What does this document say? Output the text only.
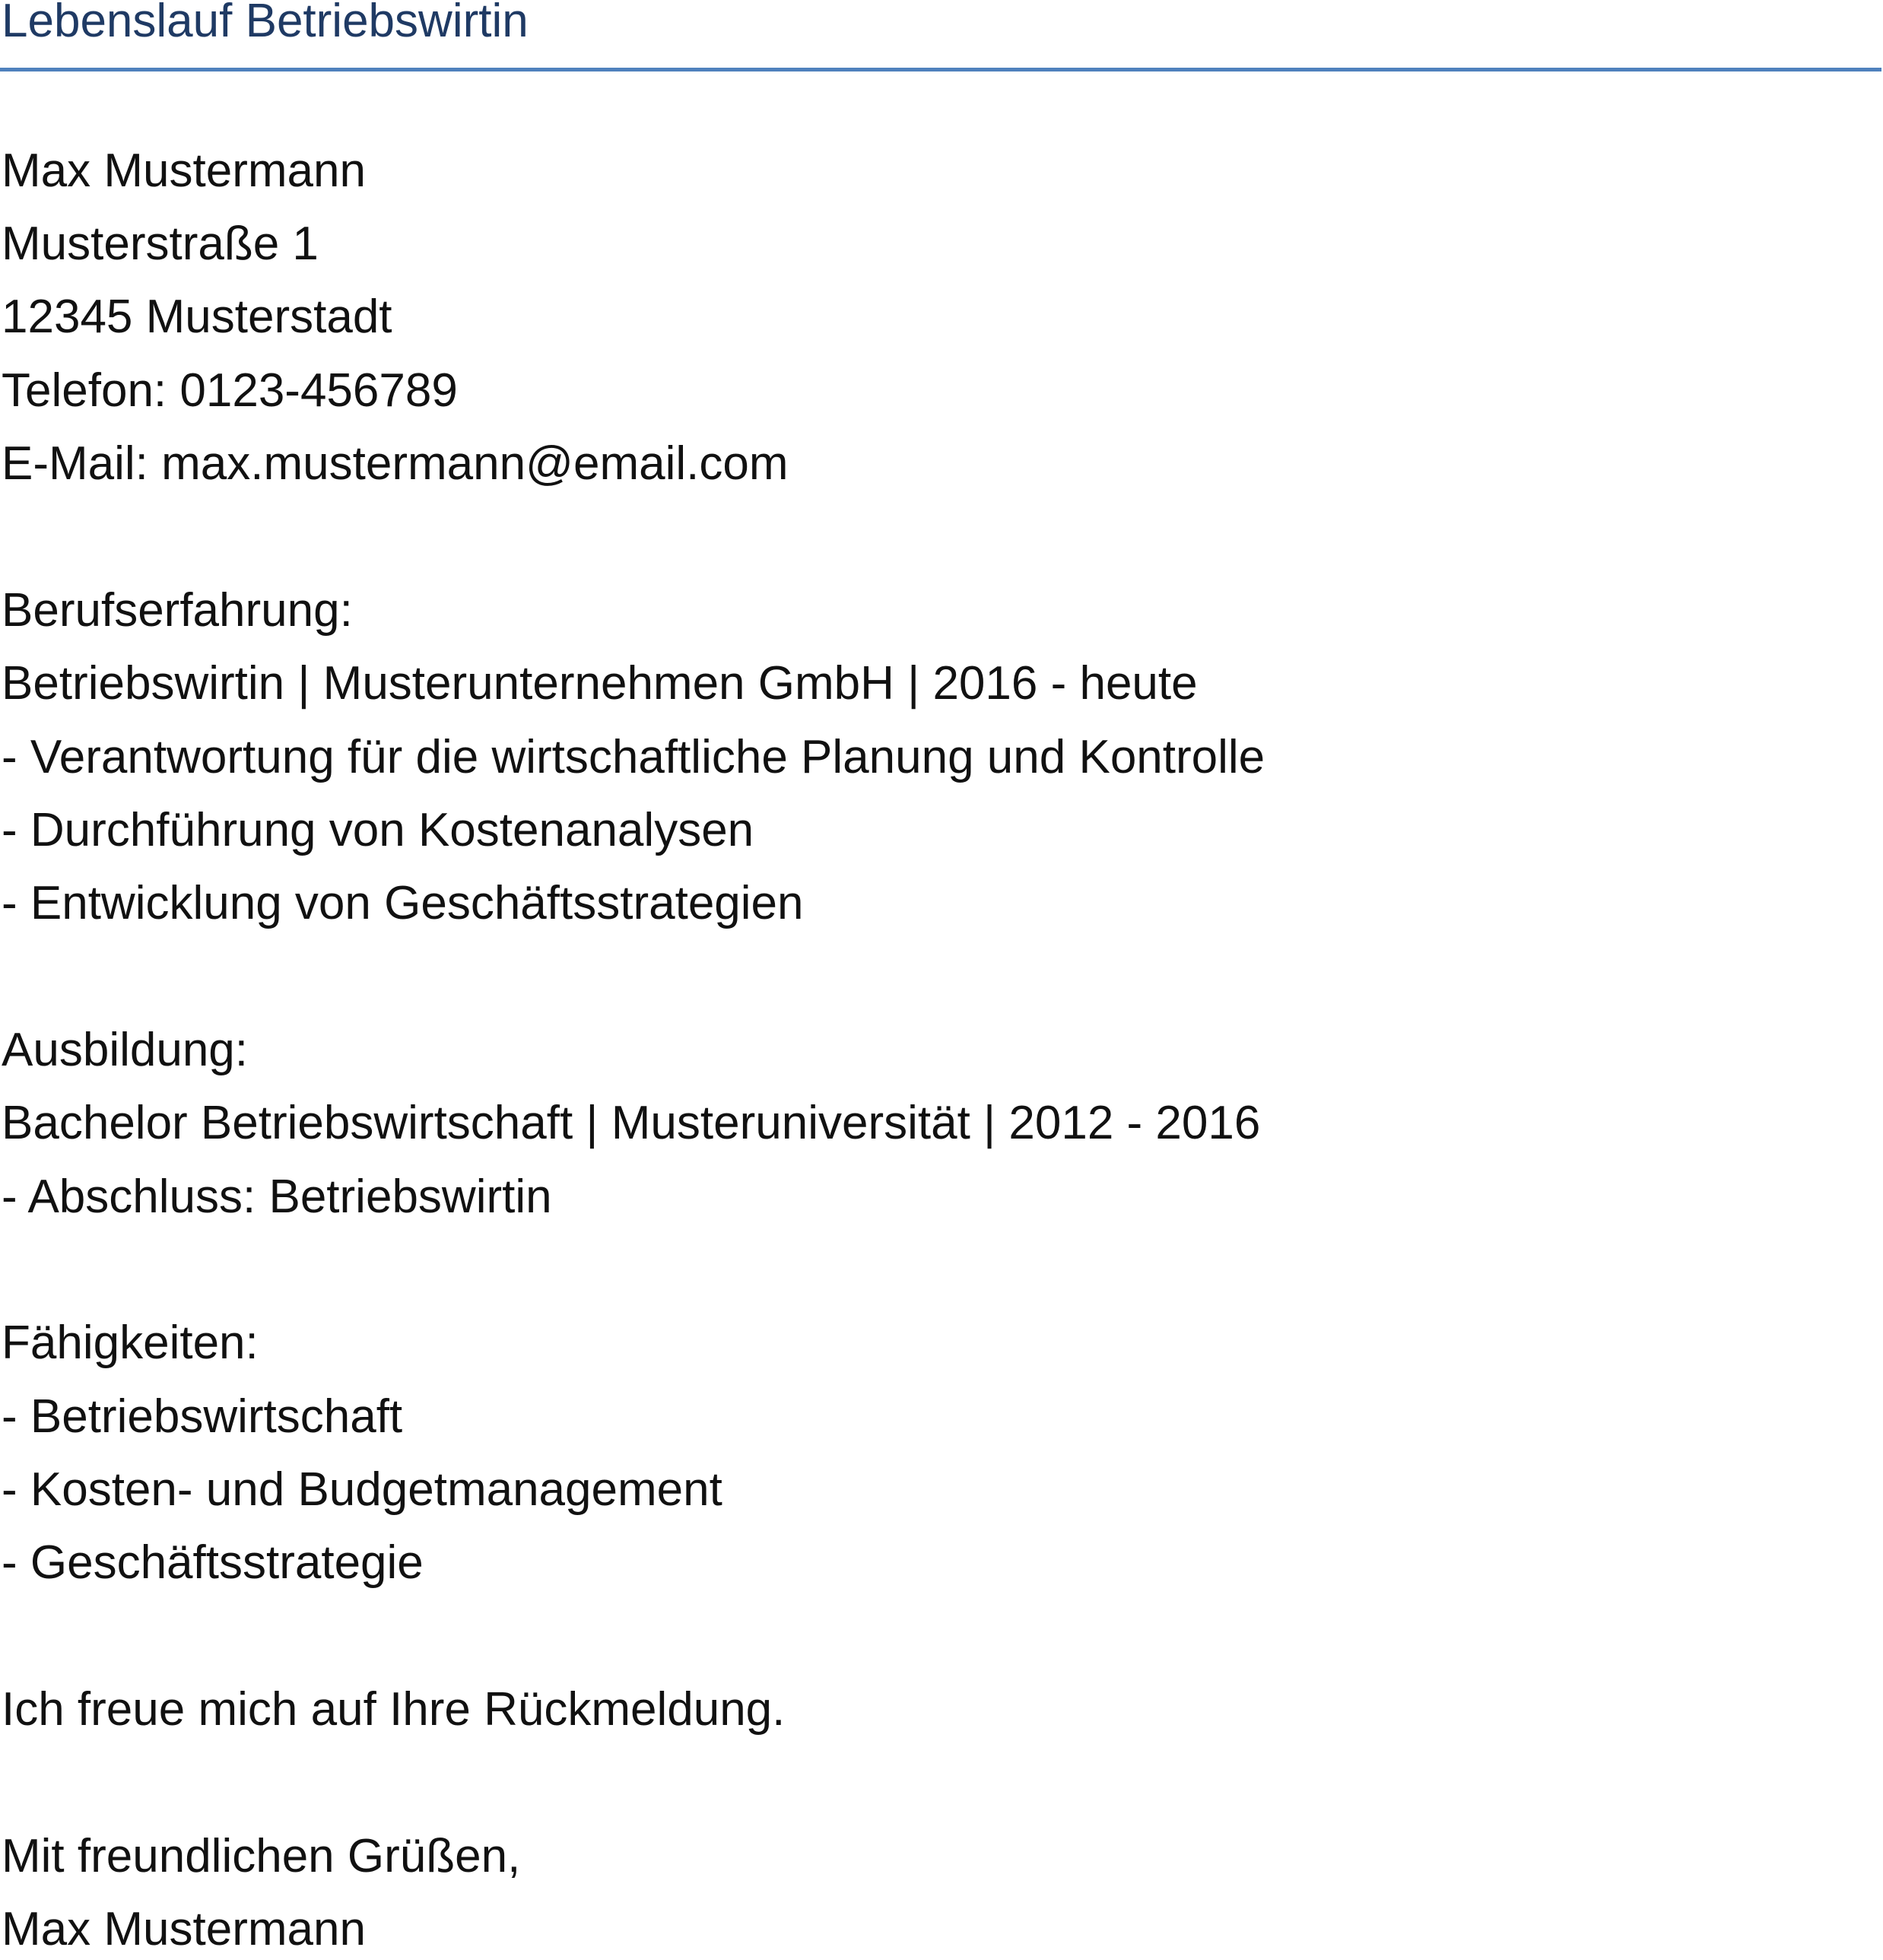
Lebenslauf Betriebswirtin
Max Mustermann
Musterstraße 1
12345 Musterstadt
Telefon: 0123-456789
E-Mail: max.mustermann@email.com
Berufserfahrung:
Betriebswirtin | Musterunternehmen GmbH | 2016 - heute
- Verantwortung für die wirtschaftliche Planung und Kontrolle
- Durchführung von Kostenanalysen
- Entwicklung von Geschäftsstrategien
Ausbildung:
Bachelor Betriebswirtschaft | Musteruniversität | 2012 - 2016
- Abschluss: Betriebswirtin
Fähigkeiten:
- Betriebswirtschaft
- Kosten- und Budgetmanagement
- Geschäftsstrategie
Ich freue mich auf Ihre Rückmeldung.
Mit freundlichen Grüßen,
Max Mustermann
